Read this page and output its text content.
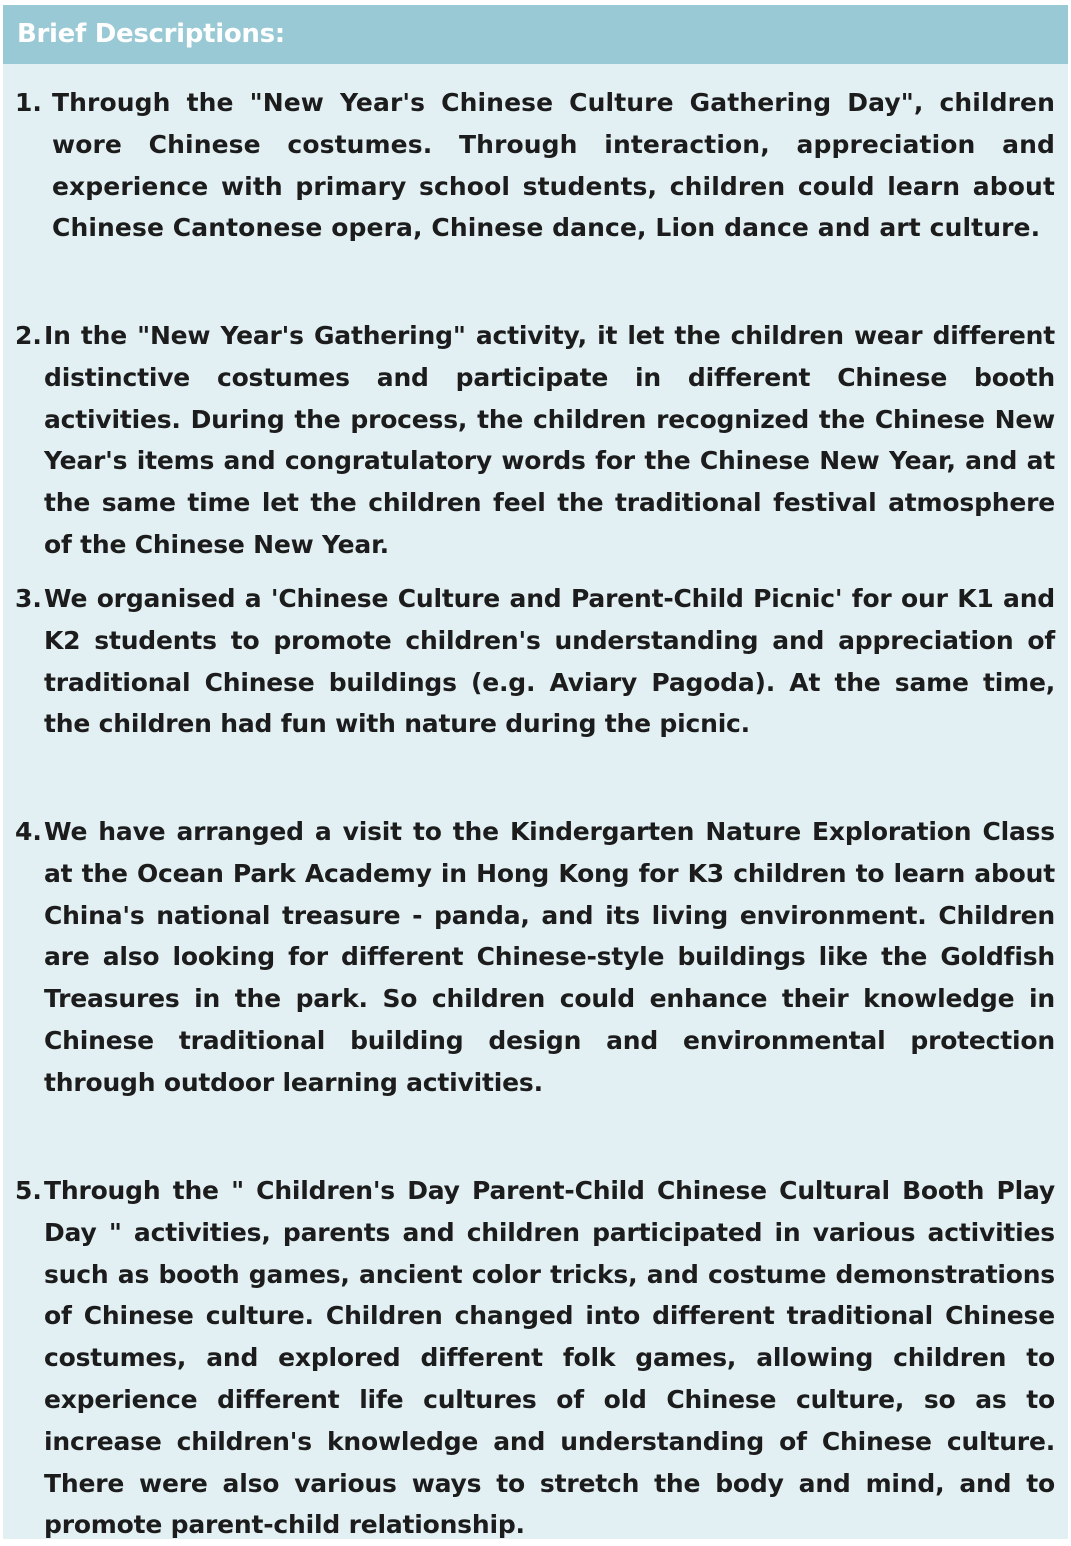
Brief Descriptions:
1. Through the "New Year's Chinese Culture Gathering Day", children wore Chinese costumes. Through interaction, appreciation and experience with primary school students, children could learn about Chinese Cantonese opera, Chinese dance, Lion dance and art culture.
2. In the "New Year's Gathering" activity, it let the children wear different distinctive costumes and participate in different Chinese booth activities. During the process, the children recognized the Chinese New Year's items and congratulatory words for the Chinese New Year, and at the same time let the children feel the traditional festival atmosphere of the Chinese New Year.
3. We organised a 'Chinese Culture and Parent-Child Picnic' for our K1 and K2 students to promote children's understanding and appreciation of traditional Chinese buildings (e.g. Aviary Pagoda). At the same time, the children had fun with nature during the picnic.
4. We have arranged a visit to the Kindergarten Nature Exploration Class at the Ocean Park Academy in Hong Kong for K3 children to learn about China's national treasure - panda, and its living environment. Children are also looking for different Chinese-style buildings like the Goldfish Treasures in the park. So children could enhance their knowledge in Chinese traditional building design and environmental protection through outdoor learning activities.
5. Through the " Children's Day Parent-Child Chinese Cultural Booth Play Day " activities, parents and children participated in various activities such as booth games, ancient color tricks, and costume demonstrations of Chinese culture. Children changed into different traditional Chinese costumes, and explored different folk games, allowing children to experience different life cultures of old Chinese culture, so as to increase children's knowledge and understanding of Chinese culture. There were also various ways to stretch the body and mind, and to promote parent-child relationship.
